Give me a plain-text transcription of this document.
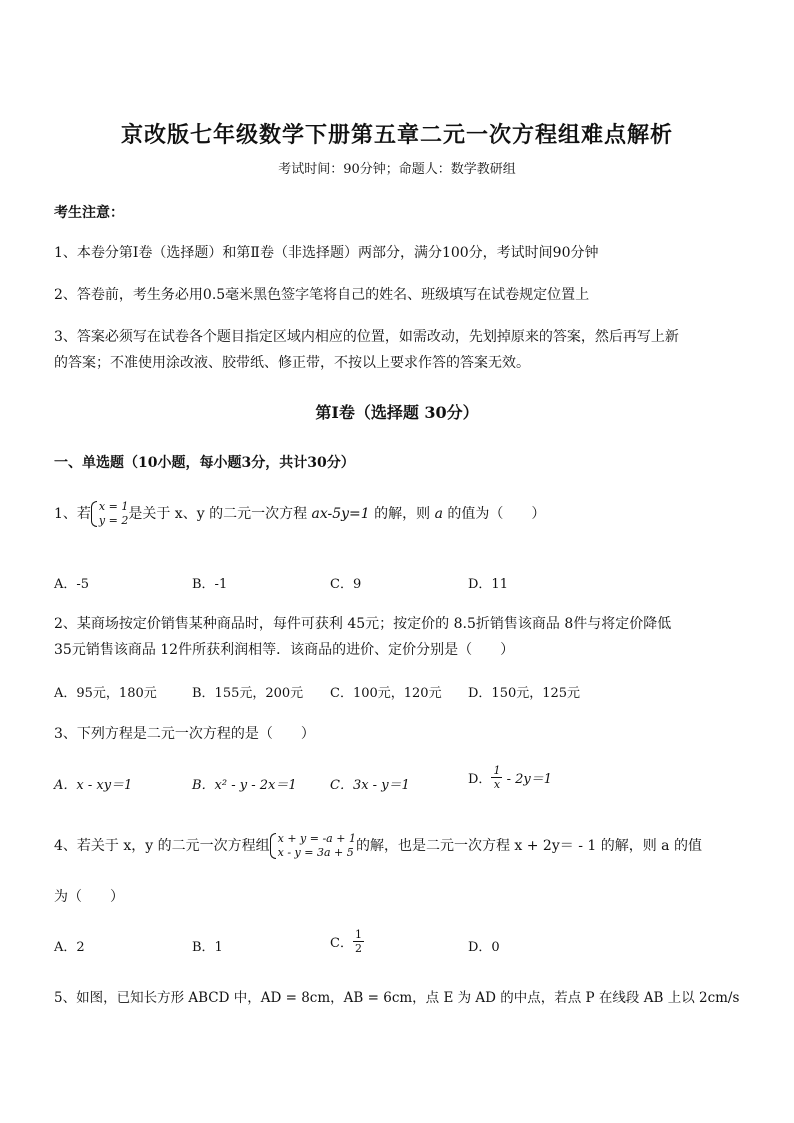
京改版七年级数学下册第五章二元一次方程组难点解析
考试时间：90分钟；命题人：数学教研组
考生注意：
1、本卷分第Ⅰ卷（选择题）和第Ⅱ卷（非选择题）两部分，满分100分，考试时间90分钟
2、答卷前，考生务必用0.5毫米黑色签字笔将自己的姓名、班级填写在试卷规定位置上
3、答案必须写在试卷各个题目指定区域内相应的位置，如需改动，先划掉原来的答案，然后再写上新
的答案；不准使用涂改液、胶带纸、修正带，不按以上要求作答的答案无效。
第Ⅰ卷（选择题 30分）
一、单选题（10小题，每小题3分，共计30分）
1、若 x = 1
y = 2 是关于 x、y 的二元一次方程 ax-5y=1 的解，则 a 的值为（　　）
A．-5	B．-1	C．9	D．11
2、某商场按定价销售某种商品时，每件可获利 45元；按定价的 8.5折销售该商品 8件与将定价降低
35元销售该商品 12件所获利润相等．该商品的进价、定价分别是（　　）
A．95元，180元	B．155元，200元 C．100元，120元 D．150元，125元
3、下列方程是二元一次方程的是（　　）
A．x - xy＝1	B．x² - y - 2x＝1	C．3x - y＝1	D． $\frac{1}{x} - 2y=1$
4、若关于 x，y 的二元一次方程组 x + y = -a + 1
x - y = 3a + 5 的解，也是二元一次方程 x + 2y＝ - 1 的解，则 a 的值
为（　　）
A．2	B．1	C． $\frac{1}{2}$	D．0
5、如图，已知长方形 ABCD 中，AD = 8cm，AB = 6cm，点 E 为 AD 的中点，若点 P 在线段 AB 上以 2cm/s
